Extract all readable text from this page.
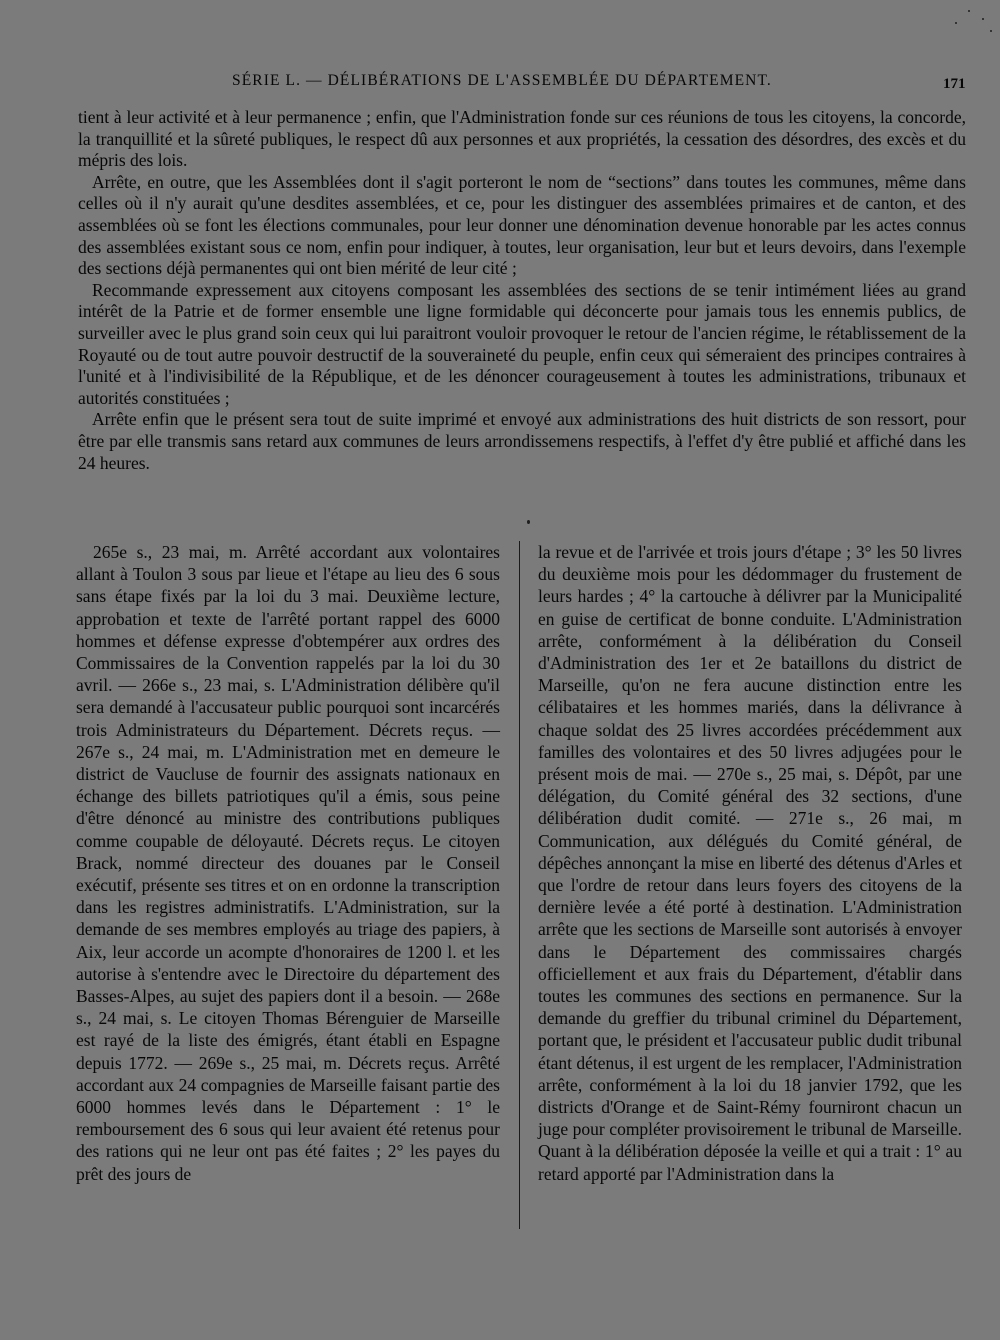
SÉRIE L. — DÉLIBÉRATIONS DE L'ASSEMBLÉE DU DÉPARTEMENT.	171

tient à leur activité et à leur permanence ; enfin, que l'Administration fonde sur ces réunions de tous les citoyens, la concorde, la tranquillité et la sûreté publiques, le respect dû aux personnes et aux propriétés, la cessation des désordres, des excès et du mépris des lois.

Arrête, en outre, que les Assemblées dont il s'agit porteront le nom de “sections” dans toutes les communes, même dans celles où il n'y aurait qu'une desdites assemblées, et ce, pour les distinguer des assemblées primaires et de canton, et des assemblées où se font les élections communales, pour leur donner une dénomination devenue honorable par les actes connus des assemblées existant sous ce nom, enfin pour indiquer, à toutes, leur organisation, leur but et leurs devoirs, dans l'exemple des sections déjà permanentes qui ont bien mérité de leur cité ;

Recommande expressement aux citoyens composant les assemblées des sections de se tenir intimément liées au grand intérêt de la Patrie et de former ensemble une ligne formidable qui déconcerte pour jamais tous les ennemis publics, de surveiller avec le plus grand soin ceux qui lui paraitront vouloir provoquer le retour de l'ancien régime, le rétablissement de la Royauté ou de tout autre pouvoir destructif de la souveraineté du peuple, enfin ceux qui sémeraient des principes contraires à l'unité et à l'indivisibilité de la République, et de les dénoncer courageusement à toutes les administrations, tribunaux et autorités constituées ;

Arrête enfin que le présent sera tout de suite imprimé et envoyé aux administrations des huit districts de son ressort, pour être par elle transmis sans retard aux communes de leurs arrondissemens respectifs, à l'effet d'y être publié et affiché dans les 24 heures.

265e s., 23 mai, m. Arrêté accordant aux volontaires allant à Toulon 3 sous par lieue et l'étape au lieu des 6 sous sans étape fixés par la loi du 3 mai. Deuxième lecture, approbation et texte de l'arrêté portant rappel des 6000 hommes et défense expresse d'obtempérer aux ordres des Commissaires de la Convention rappelés par la loi du 30 avril. — 266e s., 23 mai, s. L'Administration délibère qu'il sera demandé à l'accusateur public pourquoi sont incarcérés trois Administrateurs du Département. Décrets reçus. — 267e s., 24 mai, m. L'Administration met en demeure le district de Vaucluse de fournir des assignats nationaux en échange des billets patriotiques qu'il a émis, sous peine d'être dénoncé au ministre des contributions publiques comme coupable de déloyauté. Décrets reçus. Le citoyen Brack, nommé directeur des douanes par le Conseil exécutif, présente ses titres et on en ordonne la transcription dans les registres administratifs. L'Administration, sur la demande de ses membres employés au triage des papiers, à Aix, leur accorde un acompte d'honoraires de 1200 l. et les autorise à s'entendre avec le Directoire du département des Basses-Alpes, au sujet des papiers dont il a besoin. — 268e s., 24 mai, s. Le citoyen Thomas Bérenguier de Marseille est rayé de la liste des émigrés, étant établi en Espagne depuis 1772. — 269e s., 25 mai, m. Décrets reçus. Arrêté accordant aux 24 compagnies de Marseille faisant partie des 6000 hommes levés dans le Département : 1° le remboursement des 6 sous qui leur avaient été retenus pour des rations qui ne leur ont pas été faites ; 2° les payes du prêt des jours de

la revue et de l'arrivée et trois jours d'étape ; 3° les 50 livres du deuxième mois pour les dédommager du frustement de leurs hardes ; 4° la cartouche à délivrer par la Municipalité en guise de certificat de bonne conduite. L'Administration arrête, conformément à la délibération du Conseil d'Administration des 1er et 2e bataillons du district de Marseille, qu'on ne fera aucune distinction entre les célibataires et les hommes mariés, dans la délivrance à chaque soldat des 25 livres accordées précédemment aux familles des volontaires et des 50 livres adjugées pour le présent mois de mai. — 270e s., 25 mai, s. Dépôt, par une délégation, du Comité général des 32 sections, d'une délibération dudit comité. — 271e s., 26 mai, m Communication, aux délégués du Comité général, de dépêches annonçant la mise en liberté des détenus d'Arles et que l'ordre de retour dans leurs foyers des citoyens de la dernière levée a été porté à destination. L'Administration arrête que les sections de Marseille sont autorisés à envoyer dans le Département des commissaires chargés officiellement et aux frais du Département, d'établir dans toutes les communes des sections en permanence. Sur la demande du greffier du tribunal criminel du Département, portant que, le président et l'accusateur public dudit tribunal étant détenus, il est urgent de les remplacer, l'Administration arrête, conformément à la loi du 18 janvier 1792, que les districts d'Orange et de Saint-Rémy fourniront chacun un juge pour compléter provisoirement le tribunal de Marseille. Quant à la délibération déposée la veille et qui a trait : 1° au retard apporté par l'Administration dans la
